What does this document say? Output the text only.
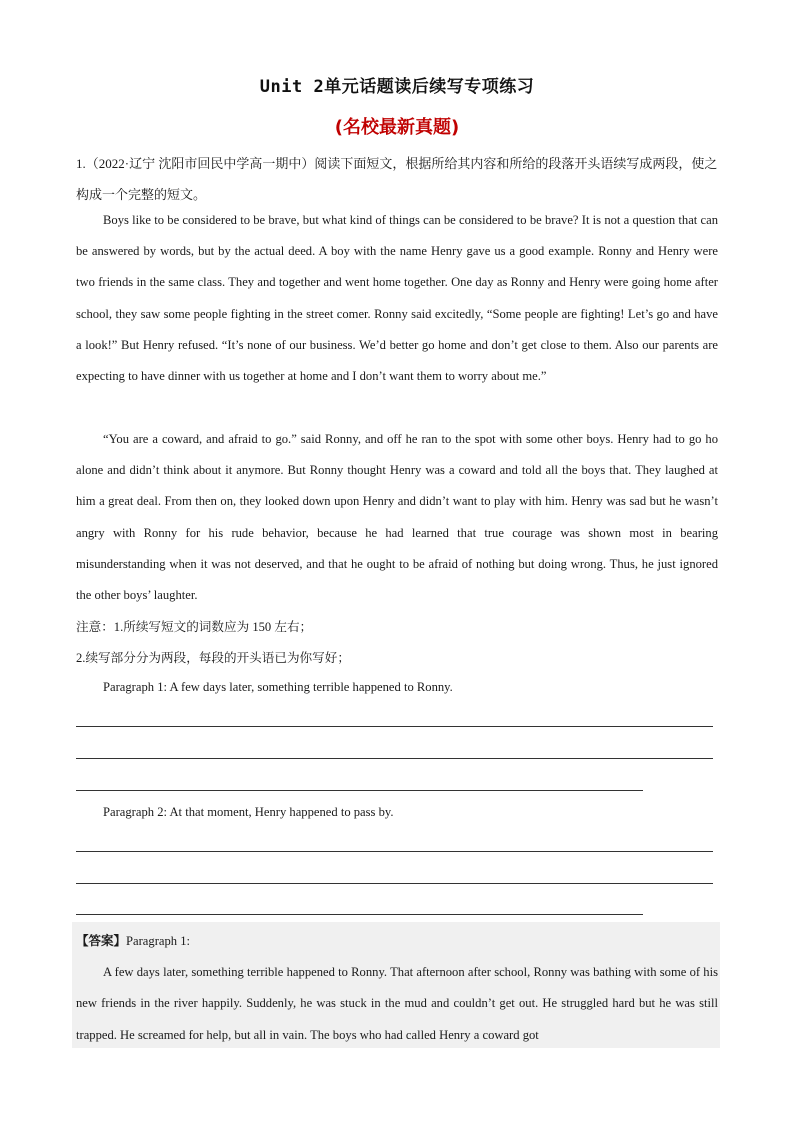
Unit 2单元话题读后续写专项练习
(名校最新真题)
1.（2022·辽宁 沈阳市回民中学高一期中）阅读下面短文，根据所给其内容和所给的段落开头语续写成两段，使之构成一个完整的短文。

Boys like to be considered to be brave, but what kind of things can be considered to be brave? It is not a question that can be answered by words, but by the actual deed. A boy with the name Henry gave us a good example. Ronny and Henry were two friends in the same class. They and together and went home together. One day as Ronny and Henry were going home after school, they saw some people fighting in the street comer. Ronny said excitedly, “Some people are fighting! Let’s go and have a look!” But Henry refused. “It’s none of our business. We’d better go home and don’t get close to them. Also our parents are expecting to have dinner with us together at home and I don’t want them to worry about me.”

“You are a coward, and afraid to go.” said Ronny, and off he ran to the spot with some other boys. Henry had to go ho alone and didn’t think about it anymore. But Ronny thought Henry was a coward and told all the boys that. They laughed at him a great deal. From then on, they looked down upon Henry and didn’t want to play with him. Henry was sad but he wasn’t angry with Ronny for his rude behavior, because he had learned that true courage was shown most in bearing misunderstanding when it was not deserved, and that he ought to be afraid of nothing but doing wrong. Thus, he just ignored the other boys’ laughter.

注意：1.所续写短文的词数应为 150 左右；
2.续写部分分为两段，每段的开头语已为你写好；
Paragraph 1: A few days later, something terrible happened to Ronny.
Paragraph 2: At that moment, Henry happened to pass by.
【答案】Paragraph 1:

A few days later, something terrible happened to Ronny. That afternoon after school, Ronny was bathing with some of his new friends in the river happily. Suddenly, he was stuck in the mud and couldn’t get out. He struggled hard but he was still trapped. He screamed for help, but all in vain. The boys who had called Henry a coward got
